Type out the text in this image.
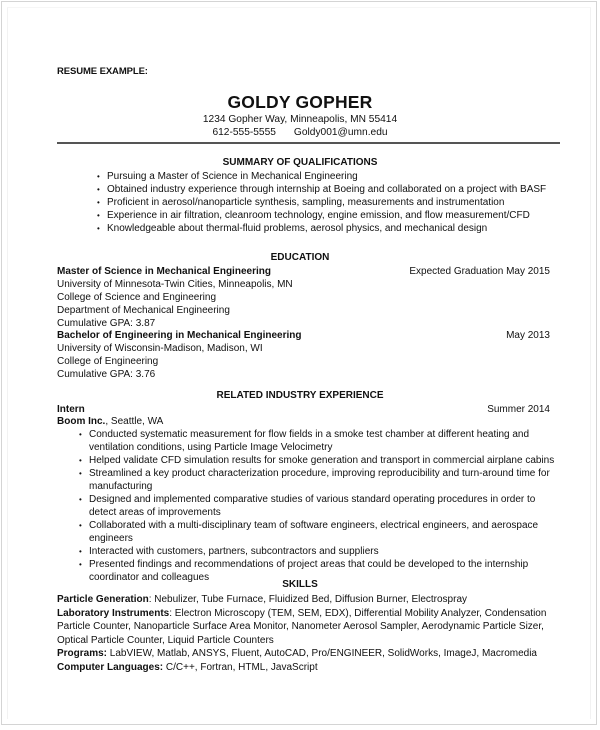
RESUME EXAMPLE:
GOLDY GOPHER
1234 Gopher Way, Minneapolis, MN 55414
612-555-5555 Goldy001@umn.edu
SUMMARY OF QUALIFICATIONS
• Pursuing a Master of Science in Mechanical Engineering
• Obtained industry experience through internship at Boeing and collaborated on a project with BASF
• Proficient in aerosol/nanoparticle synthesis, sampling, measurements and instrumentation
• Experience in air filtration, cleanroom technology, engine emission, and flow measurement/CFD
• Knowledgeable about thermal-fluid problems, aerosol physics, and mechanical design
EDUCATION
Master of Science in Mechanical Engineering	Expected Graduation May 2015
University of Minnesota-Twin Cities, Minneapolis, MN
College of Science and Engineering
Department of Mechanical Engineering
Cumulative GPA: 3.87
Bachelor of Engineering in Mechanical Engineering	May 2013
University of Wisconsin-Madison, Madison, WI
College of Engineering
Cumulative GPA: 3.76
RELATED INDUSTRY EXPERIENCE
Intern	Summer 2014
Boom Inc., Seattle, WA
• Conducted systematic measurement for flow fields in a smoke test chamber at different heating and ventilation conditions, using Particle Image Velocimetry
• Helped validate CFD simulation results for smoke generation and transport in commercial airplane cabins
• Streamlined a key product characterization procedure, improving reproducibility and turn-around time for manufacturing
• Designed and implemented comparative studies of various standard operating procedures in order to detect areas of improvements
• Collaborated with a multi-disciplinary team of software engineers, electrical engineers, and aerospace engineers
• Interacted with customers, partners, subcontractors and suppliers
• Presented findings and recommendations of project areas that could be developed to the internship coordinator and colleagues
SKILLS
Particle Generation: Nebulizer, Tube Furnace, Fluidized Bed, Diffusion Burner, Electrospray
Laboratory Instruments: Electron Microscopy (TEM, SEM, EDX), Differential Mobility Analyzer, Condensation Particle Counter, Nanoparticle Surface Area Monitor, Nanometer Aerosol Sampler, Aerodynamic Particle Sizer, Optical Particle Counter, Liquid Particle Counters
Programs: LabVIEW, Matlab, ANSYS, Fluent, AutoCAD, Pro/ENGINEER, SolidWorks, ImageJ, Macromedia
Computer Languages: C/C++, Fortran, HTML, JavaScript
